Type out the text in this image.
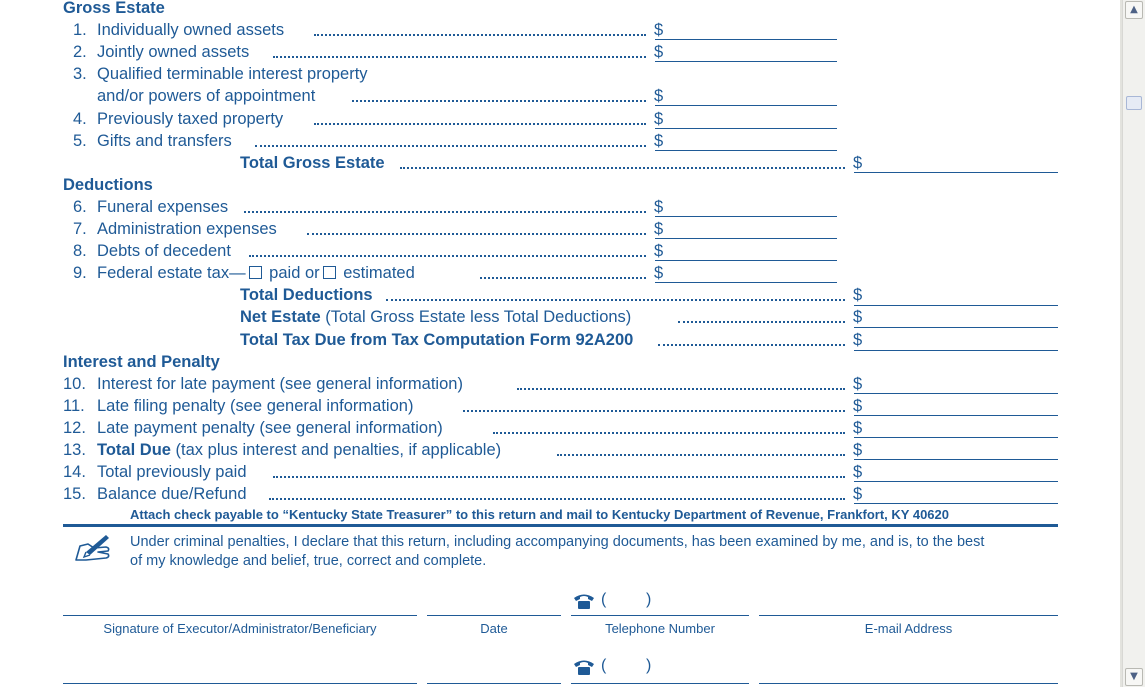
Gross Estate
1. Individually owned assets	$
2. Jointly owned assets	$
3. Qualified terminable interest property
and/or powers of appointment	$
4. Previously taxed property	$
5. Gifts and transfers	$
Total Gross Estate	$
Deductions
6. Funeral expenses	$
7. Administration expenses	$
8. Debts of decedent	$
9. Federal estate tax— paid or estimated	$
Total Deductions	$
Net Estate (Total Gross Estate less Total Deductions)	$
Total Tax Due from Tax Computation Form 92A200	$
Interest and Penalty
10. Interest for late payment (see general information)	$
11. Late filing penalty (see general information)	$
12. Late payment penalty (see general information)	$
13. Total Due (tax plus interest and penalties, if applicable)	$
14. Total previously paid	$
15. Balance due/Refund	$
Attach check payable to “Kentucky State Treasurer” to this return and mail to Kentucky Department of Revenue, Frankfort, KY 40620
Under criminal penalties, I declare that this return, including accompanying documents, has been examined by me, and is, to the best
of my knowledge and belief, true, correct and complete.
( )
Signature of Executor/Administrator/Beneficiary	Date	Telephone Number	E-mail Address
( )
▲
▼
